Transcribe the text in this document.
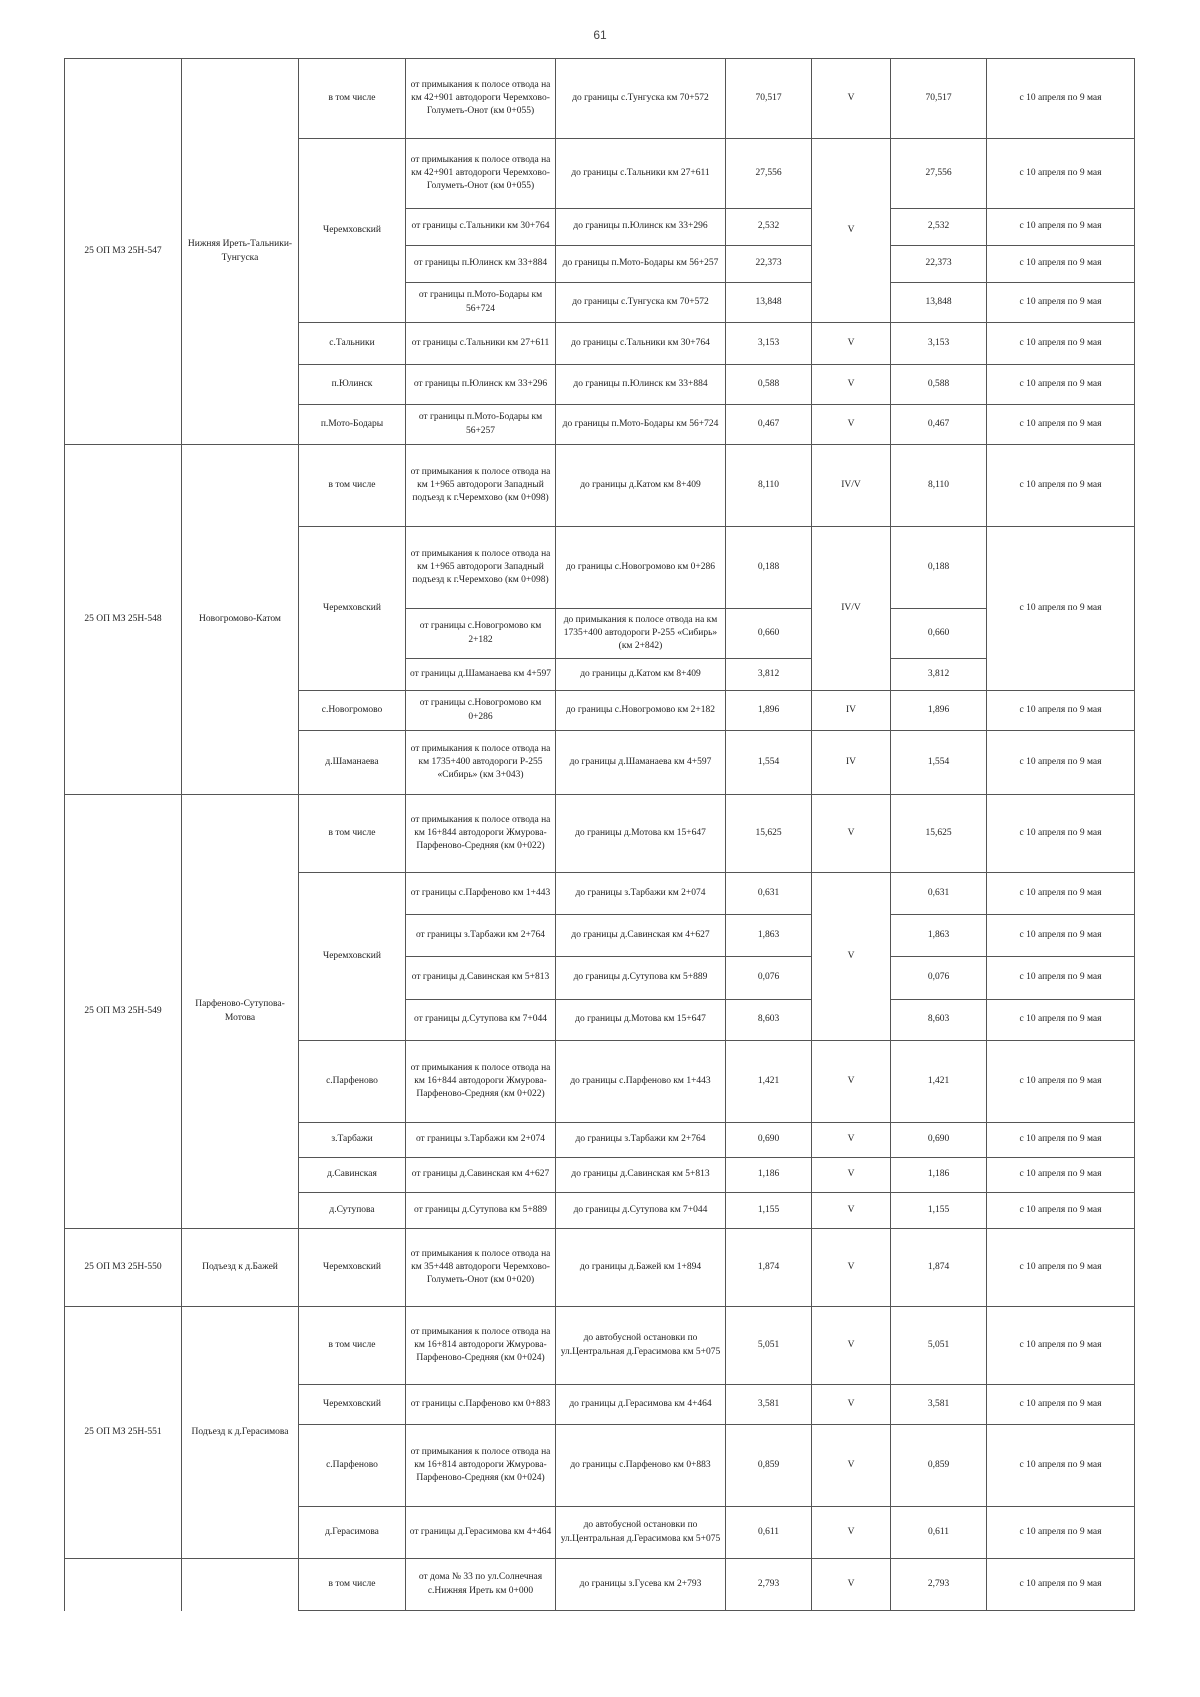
61
25 ОП МЗ 25Н-547	Нижняя Иреть-Тальники-Тунгуска	в том числе	от примыкания к полосе отвода на км 42+901 автодороги Черемхово-Голуметь-Онот (км 0+055)	до границы с.Тунгуска км 70+572	70,517	V	70,517	с 10 апреля по 9 мая
		Черемховский	от примыкания к полосе отвода на км 42+901 автодороги Черемхово-Голуметь-Онот (км 0+055)	до границы с.Тальники км 27+611	27,556	V	27,556	с 10 апреля по 9 мая
			от границы с.Тальники км 30+764	до границы п.Юлинск км 33+296	2,532		2,532	с 10 апреля по 9 мая
			от границы п.Юлинск км 33+884	до границы п.Мото-Бодары км 56+257	22,373		22,373	с 10 апреля по 9 мая
			от границы п.Мото-Бодары км 56+724	до границы с.Тунгуска км 70+572	13,848		13,848	с 10 апреля по 9 мая
		с.Тальники	от границы с.Тальники км 27+611	до границы с.Тальники км 30+764	3,153	V	3,153	с 10 апреля по 9 мая
		п.Юлинск	от границы п.Юлинск км 33+296	до границы п.Юлинск км 33+884	0,588	V	0,588	с 10 апреля по 9 мая
		п.Мото-Бодары	от границы п.Мото-Бодары км 56+257	до границы п.Мото-Бодары км 56+724	0,467	V	0,467	с 10 апреля по 9 мая
25 ОП МЗ 25Н-548	Новогромово-Катом	в том числе	от примыкания к полосе отвода на км 1+965 автодороги Западный подъезд к г.Черемхово (км 0+098)	до границы д.Катом км 8+409	8,110	IV/V	8,110	с 10 апреля по 9 мая
		Черемховский	от примыкания к полосе отвода на км 1+965 автодороги Западный подъезд к г.Черемхово (км 0+098)	до границы с.Новогромово км 0+286	0,188	IV/V	0,188	с 10 апреля по 9 мая
			от границы с.Новогромово км 2+182	до примыкания к полосе отвода на км 1735+400 автодороги Р-255 «Сибирь» (км 2+842)	0,660		0,660	
			от границы д.Шаманаева км 4+597	до границы д.Катом км 8+409	3,812		3,812	
		с.Новогромово	от границы с.Новогромово км 0+286	до границы с.Новогромово км 2+182	1,896	IV	1,896	с 10 апреля по 9 мая
		д.Шаманаева	от примыкания к полосе отвода на км 1735+400 автодороги Р-255 «Сибирь» (км 3+043)	до границы д.Шаманаева км 4+597	1,554	IV	1,554	с 10 апреля по 9 мая
25 ОП МЗ 25Н-549	Парфеново-Сутупова-Мотова	в том числе	от примыкания к полосе отвода на км 16+844 автодороги Жмурова-Парфеново-Средняя (км 0+022)	до границы д.Мотова км 15+647	15,625	V	15,625	с 10 апреля по 9 мая
		Черемховский	от границы с.Парфеново км 1+443	до границы з.Тарбажи км 2+074	0,631	V	0,631	с 10 апреля по 9 мая
			от границы з.Тарбажи км 2+764	до границы д.Савинская км 4+627	1,863		1,863	с 10 апреля по 9 мая
			от границы д.Савинская км 5+813	до границы д.Сутупова км 5+889	0,076		0,076	с 10 апреля по 9 мая
			от границы д.Сутупова км 7+044	до границы д.Мотова км 15+647	8,603		8,603	с 10 апреля по 9 мая
		с.Парфеново	от примыкания к полосе отвода на км 16+844 автодороги Жмурова-Парфеново-Средняя (км 0+022)	до границы с.Парфеново км 1+443	1,421	V	1,421	с 10 апреля по 9 мая
		з.Тарбажи	от границы з.Тарбажи км 2+074	до границы з.Тарбажи км 2+764	0,690	V	0,690	с 10 апреля по 9 мая
		д.Савинская	от границы д.Савинская км 4+627	до границы д.Савинская км 5+813	1,186	V	1,186	с 10 апреля по 9 мая
		д.Сутупова	от границы д.Сутупова км 5+889	до границы д.Сутупова км 7+044	1,155	V	1,155	с 10 апреля по 9 мая
25 ОП МЗ 25Н-550	Подъезд к д.Бажей	Черемховский	от примыкания к полосе отвода на км 35+448 автодороги Черемхово-Голуметь-Онот (км 0+020)	до границы д.Бажей км 1+894	1,874	V	1,874	с 10 апреля по 9 мая
25 ОП МЗ 25Н-551	Подъезд к д.Герасимова	в том числе	от примыкания к полосе отвода на км 16+814 автодороги Жмурова-Парфеново-Средняя (км 0+024)	до автобусной остановки по ул.Центральная д.Герасимова км 5+075	5,051	V	5,051	с 10 апреля по 9 мая
		Черемховский	от границы с.Парфеново км 0+883	до границы д.Герасимова км 4+464	3,581	V	3,581	с 10 апреля по 9 мая
		с.Парфеново	от примыкания к полосе отвода на км 16+814 автодороги Жмурова-Парфеново-Средняя (км 0+024)	до границы с.Парфеново км 0+883	0,859	V	0,859	с 10 апреля по 9 мая
		д.Герасимова	от границы д.Герасимова км 4+464	до автобусной остановки по ул.Центральная д.Герасимова км 5+075	0,611	V	0,611	с 10 апреля по 9 мая
		в том числе	от дома № 33 по ул.Солнечная с.Нижняя Иреть км 0+000	до границы з.Гусева км 2+793	2,793	V	2,793	с 10 апреля по 9 мая
